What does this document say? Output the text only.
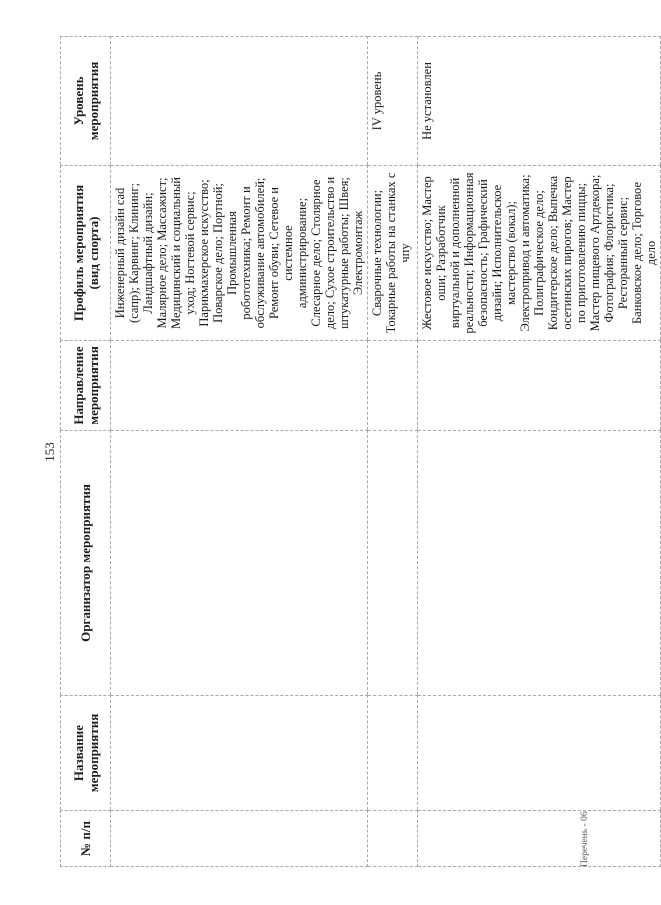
153
№ п/п	Название мероприятия	Организатор мероприятия	Направление мероприятия	Профиль мероприятия (вид спорта)	Уровень мероприятия
				Инженерный дизайн cad (сапр); Карвинг; Клининг; Ландшафтный дизайн; Малярное дело; Массажист; Медицинский и социальный уход; Ногтевой сервис; Парикмахерское искусство; Поварское дело; Портной; Промышленная робототехника; Ремонт и обслуживание автомобилей; Ремонт обуви; Сетевое и системное администрирование; Слесарное дело; Столярное дело; Сухое строительство и штукатурные работы; Швея; Электромонтаж	
				Сварочные технологии; Токарные работы на станках с чпу	IV уровень
				Жестовое искусство; Мастер оши; Разработчик виртуальной и дополненной реальности; Информационная безопасность; Графический дизайн; Исполнительское мастерство (вокал); Электропривод и автоматика; Полиграфическое дело; Кондитерское дело; Выпечка осетинских пирогов; Мастер по приготовлению пиццы; Мастер пищевого Артдекора; Фотография; Флористика; Ресторанный сервис; Банковское дело; Торговое дело	Не установлен
Перечень - 06
